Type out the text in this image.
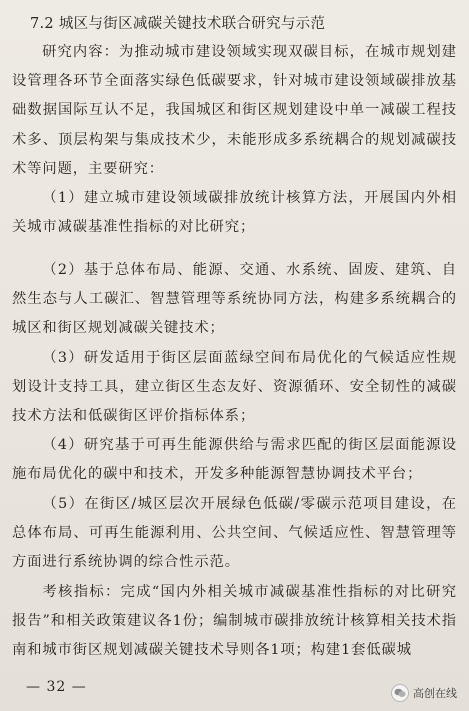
7.2 城区与街区减碳关键技术联合研究与示范
研究内容：为推动城市建设领域实现双碳目标，在城市规划建设管理各环节全面落实绿色低碳要求，针对城市建设领域碳排放基础数据国际互认不足，我国城区和街区规划建设中单一减碳工程技术多、顶层构架与集成技术少，未能形成多系统耦合的规划减碳技术等问题，主要研究：
（1）建立城市建设领域碳排放统计核算方法，开展国内外相关城市减碳基准性指标的对比研究；
（2）基于总体布局、能源、交通、水系统、固废、建筑、自然生态与人工碳汇、智慧管理等系统协同方法，构建多系统耦合的城区和街区规划减碳关键技术；
（3）研发适用于街区层面蓝绿空间布局优化的气候适应性规划设计支持工具，建立街区生态友好、资源循环、安全韧性的减碳技术方法和低碳街区评价指标体系；
（4）研究基于可再生能源供给与需求匹配的街区层面能源设施布局优化的碳中和技术，开发多种能源智慧协调技术平台；
（5）在街区/城区层次开展绿色低碳/零碳示范项目建设，在总体布局、可再生能源利用、公共空间、气候适应性、智慧管理等方面进行系统协调的综合性示范。
考核指标：完成“国内外相关城市减碳基准性指标的对比研究报告”和相关政策建议各1份；编制城市碳排放统计核算相关技术指南和城市街区规划减碳关键技术导则各1项；构建1套低碳城
— 32 —	高创在线
